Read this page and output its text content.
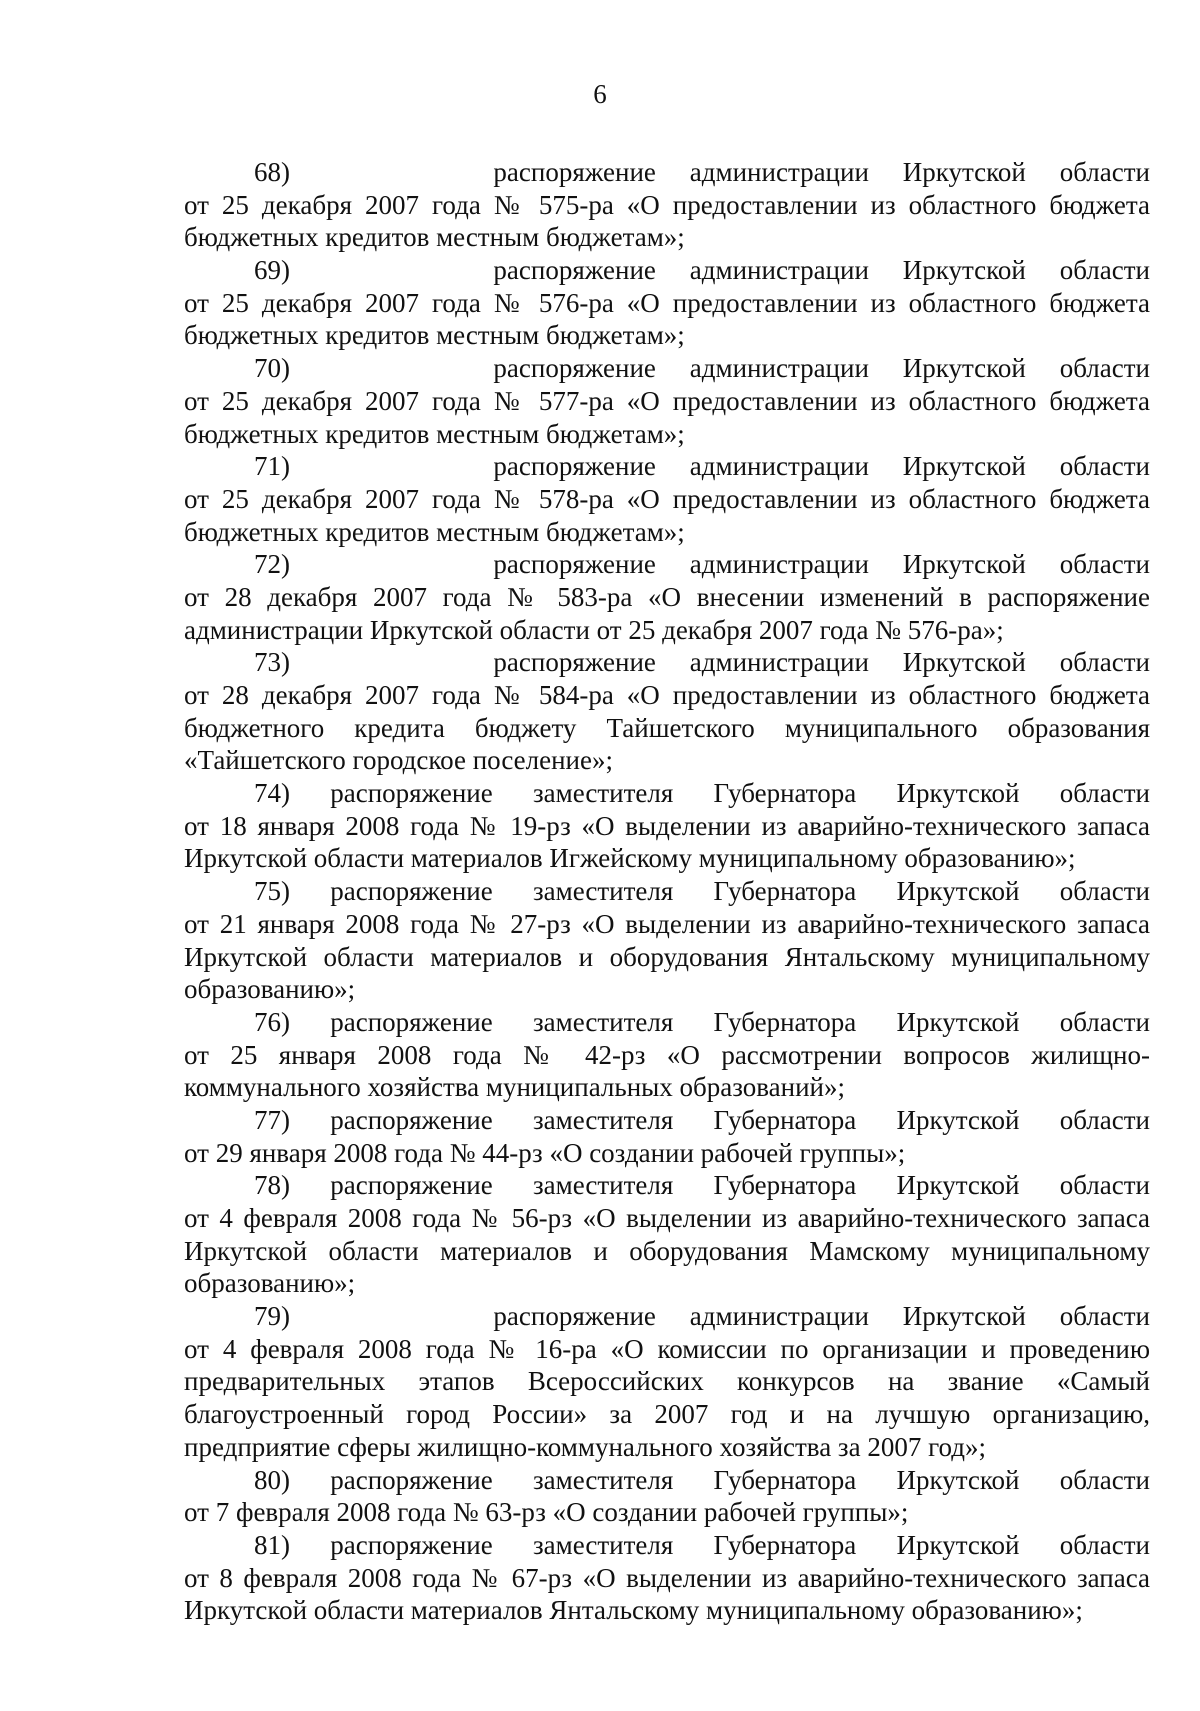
6
68)      распоряжение администрации Иркутской области
от 25 декабря 2007 года № 575-ра «О предоставлении из областного бюджета
бюджетных кредитов местным бюджетам»;
69)      распоряжение администрации Иркутской области
от 25 декабря 2007 года № 576-ра «О предоставлении из областного бюджета
бюджетных кредитов местным бюджетам»;
70)      распоряжение администрации Иркутской области
от 25 декабря 2007 года № 577-ра «О предоставлении из областного бюджета
бюджетных кредитов местным бюджетам»;
71)      распоряжение администрации Иркутской области
от 25 декабря 2007 года № 578-ра «О предоставлении из областного бюджета
бюджетных кредитов местным бюджетам»;
72)      распоряжение администрации Иркутской области
от 28 декабря 2007 года № 583-ра «О внесении изменений в распоряжение
администрации Иркутской области от 25 декабря 2007 года № 576-ра»;
73)      распоряжение администрации Иркутской области
от 28 декабря 2007 года № 584-ра «О предоставлении из областного бюджета
бюджетного кредита бюджету Тайшетского муниципального образования
«Тайшетского городское поселение»;
74) распоряжение заместителя Губернатора Иркутской области
от 18 января 2008 года № 19-рз «О выделении из аварийно-технического запаса
Иркутской области материалов Игжейскому муниципальному образованию»;
75) распоряжение заместителя Губернатора Иркутской области
от 21 января 2008 года № 27-рз «О выделении из аварийно-технического запаса
Иркутской области материалов и оборудования Янтальскому муниципальному
образованию»;
76) распоряжение заместителя Губернатора Иркутской области
от 25 января 2008 года № 42-рз «О рассмотрении вопросов жилищно-
коммунального хозяйства муниципальных образований»;
77) распоряжение заместителя Губернатора Иркутской области
от 29 января 2008 года № 44-рз «О создании рабочей группы»;
78) распоряжение заместителя Губернатора Иркутской области
от 4 февраля 2008 года № 56-рз «О выделении из аварийно-технического запаса
Иркутской области материалов и оборудования Мамскому муниципальному
образованию»;
79)      распоряжение администрации Иркутской области
от 4 февраля 2008 года № 16-ра «О комиссии по организации и проведению
предварительных этапов Всероссийских конкурсов на звание «Самый
благоустроенный город России» за 2007 год и на лучшую организацию,
предприятие сферы жилищно-коммунального хозяйства за 2007 год»;
80) распоряжение заместителя Губернатора Иркутской области
от 7 февраля 2008 года № 63-рз «О создании рабочей группы»;
81) распоряжение заместителя Губернатора Иркутской области
от 8 февраля 2008 года № 67-рз «О выделении из аварийно-технического запаса
Иркутской области материалов Янтальскому муниципальному образованию»;
